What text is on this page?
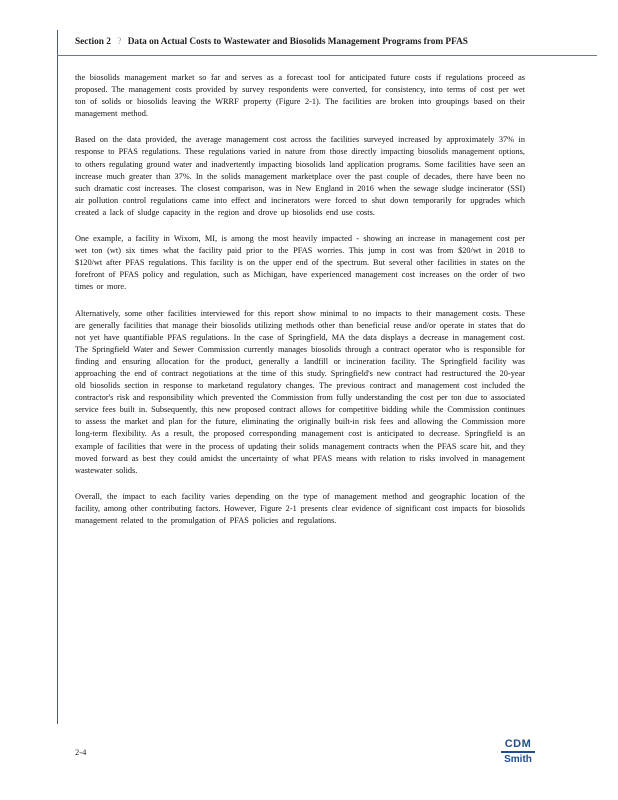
Section 2 ? Data on Actual Costs to Wastewater and Biosolids Management Programs from PFAS

the biosolids management market so far and serves as a forecast tool for anticipated future costs if regulations proceed as proposed. The management costs provided by survey respondents were converted, for consistency, into terms of cost per wet ton of solids or biosolids leaving the WRRF property (Figure 2-1). The facilities are broken into groupings based on their management method.

Based on the data provided, the average management cost across the facilities surveyed increased by approximately 37% in response to PFAS regulations. These regulations varied in nature from those directly impacting biosolids management options, to others regulating ground water and inadvertently impacting biosolids land application programs. Some facilities have seen an increase much greater than 37%. In the solids management marketplace over the past couple of decades, there have been no such dramatic cost increases. The closest comparison, was in New England in 2016 when the sewage sludge incinerator (SSI) air pollution control regulations came into effect and incinerators were forced to shut down temporarily for upgrades which created a lack of sludge capacity in the region and drove up biosolids end use costs.

One example, a facility in Wixom, MI, is among the most heavily impacted - showing an increase in management cost per wet ton (wt) six times what the facility paid prior to the PFAS worries. This jump in cost was from $20/wt in 2018 to $120/wt after PFAS regulations. This facility is on the upper end of the spectrum. But several other facilities in states on the forefront of PFAS policy and regulation, such as Michigan, have experienced management cost increases on the order of two times or more.

Alternatively, some other facilities interviewed for this report show minimal to no impacts to their management costs. These are generally facilities that manage their biosolids utilizing methods other than beneficial reuse and/or operate in states that do not yet have quantifiable PFAS regulations. In the case of Springfield, MA the data displays a decrease in management cost. The Springfield Water and Sewer Commission currently manages biosolids through a contract operator who is responsible for finding and ensuring allocation for the product, generally a landfill or incineration facility. The Springfield facility was approaching the end of contract negotiations at the time of this study. Springfield's new contract had restructured the 20-year old biosolids section in response to marketand regulatory changes. The previous contract and management cost included the contractor's risk and responsibility which prevented the Commission from fully understanding the cost per ton due to associated service fees built in. Subsequently, this new proposed contract allows for competitive bidding while the Commission continues to assess the market and plan for the future, eliminating the originally built-in risk fees and allowing the Commission more long-term flexibility. As a result, the proposed corresponding management cost is anticipated to decrease. Springfield is an example of facilities that were in the process of updating their solids management contracts when the PFAS scare hit, and they moved forward as best they could amidst the uncertainty of what PFAS means with relation to risks involved in management wastewater solids.

Overall, the impact to each facility varies depending on the type of management method and geographic location of the facility, among other contributing factors. However, Figure 2-1 presents clear evidence of significant cost impacts for biosolids management related to the promulgation of PFAS policies and regulations.

2-4
CDM
Smith
